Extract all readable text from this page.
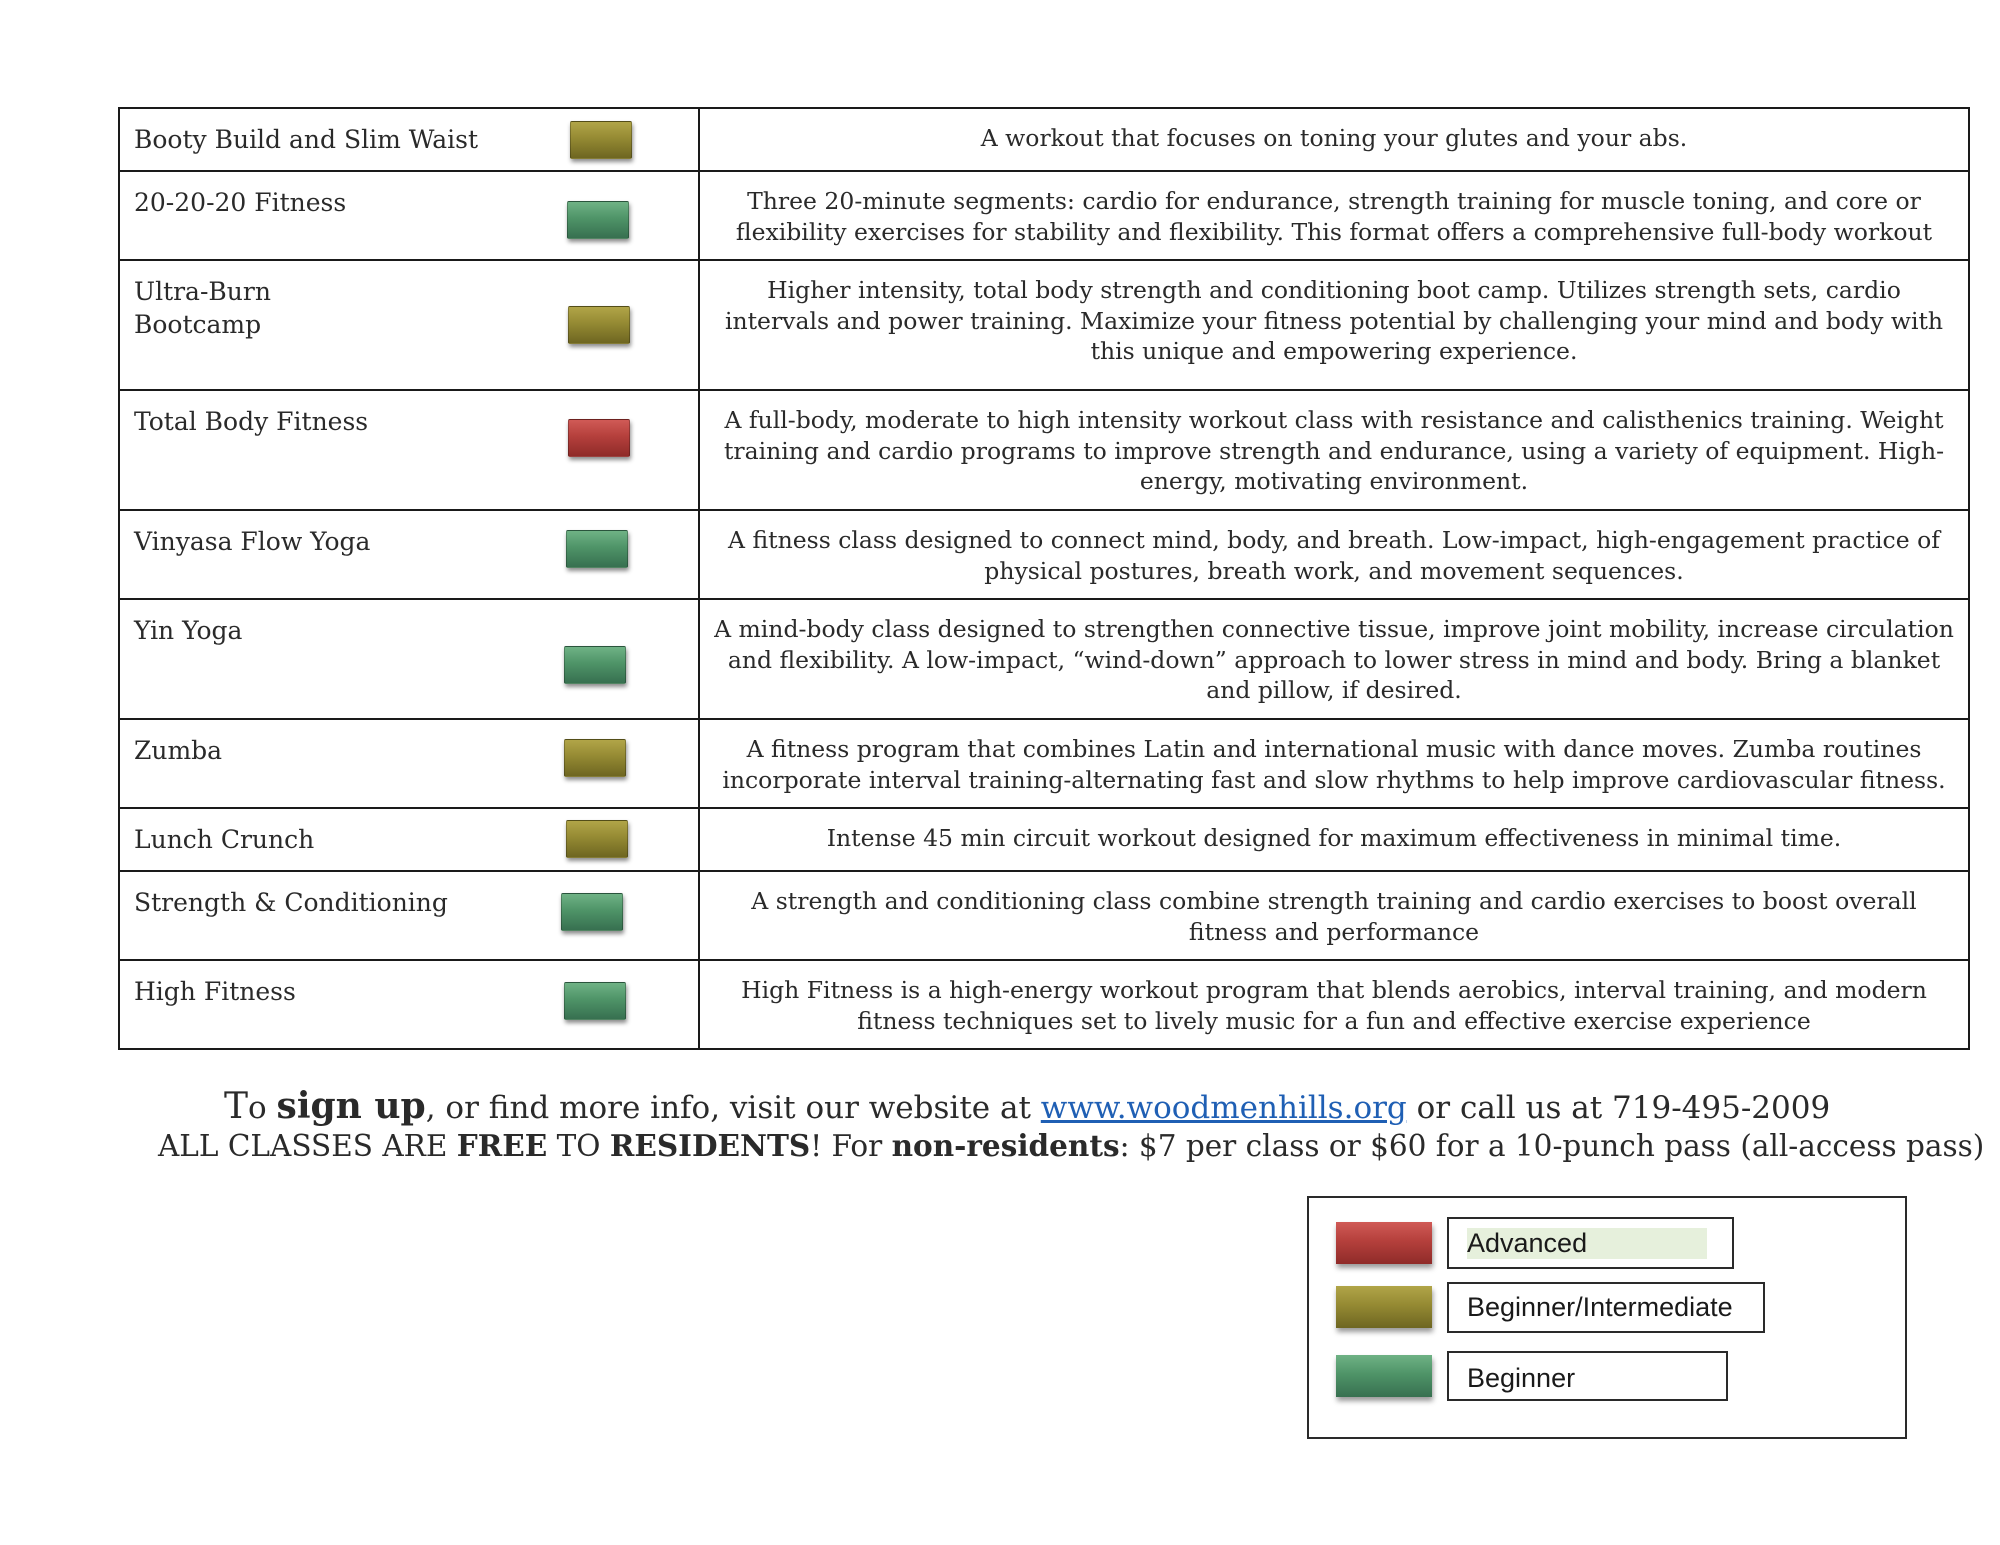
Booty Build and Slim Waist	A workout that focuses on toning your glutes and your abs.

20-20-20 Fitness	Three 20-minute segments: cardio for endurance, strength training for muscle toning, and core or flexibility exercises for stability and flexibility. This format offers a comprehensive full-body workout

Ultra-Burn
Bootcamp	Higher intensity, total body strength and conditioning boot camp. Utilizes strength sets, cardio intervals and power training. Maximize your fitness potential by challenging your mind and body with this unique and empowering experience.

Total Body Fitness	A full-body, moderate to high intensity workout class with resistance and calisthenics training. Weight training and cardio programs to improve strength and endurance, using a variety of equipment. High-energy, motivating environment.

Vinyasa Flow Yoga	A fitness class designed to connect mind, body, and breath. Low-impact, high-engagement practice of physical postures, breath work, and movement sequences.

Yin Yoga	A mind-body class designed to strengthen connective tissue, improve joint mobility, increase circulation and flexibility. A low-impact, “wind-down” approach to lower stress in mind and body. Bring a blanket and pillow, if desired.

Zumba	A fitness program that combines Latin and international music with dance moves. Zumba routines incorporate interval training-alternating fast and slow rhythms to help improve cardiovascular fitness.

Lunch Crunch	Intense 45 min circuit workout designed for maximum effectiveness in minimal time.

Strength & Conditioning	A strength and conditioning class combine strength training and cardio exercises to boost overall fitness and performance

High Fitness	High Fitness is a high-energy workout program that blends aerobics, interval training, and modern fitness techniques set to lively music for a fun and effective exercise experience
To sign up, or find more info, visit our website at www.woodmenhills.org or call us at 719-495-2009
ALL CLASSES ARE FREE TO RESIDENTS! For non-residents: $7 per class or $60 for a 10-punch pass (all-access pass)
Advanced
Beginner/Intermediate
Beginner
